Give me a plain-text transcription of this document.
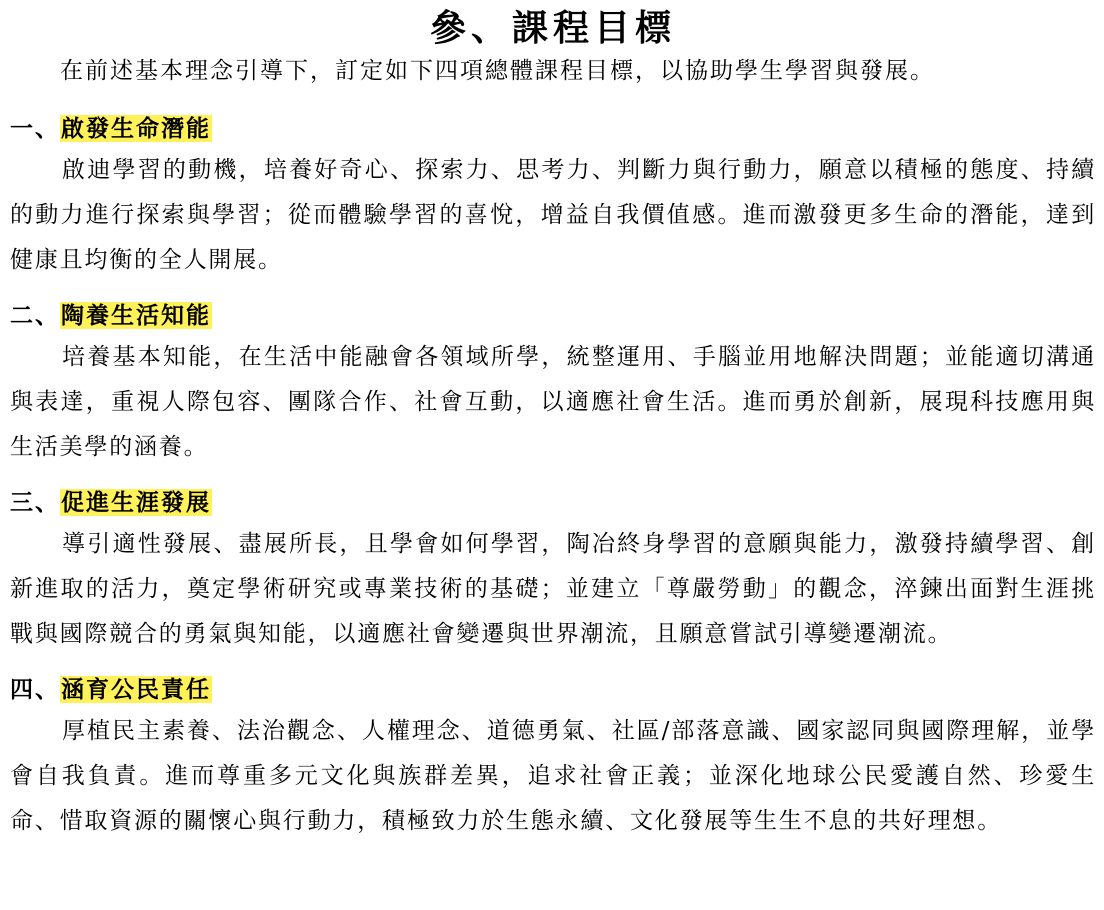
參、課程目標

在前述基本理念引導下，訂定如下四項總體課程目標，以協助學生學習與發展。

一、啟發生命潛能

啟迪學習的動機，培養好奇心、探索力、思考力、判斷力與行動力，願意以積極的態度、持續的動力進行探索與學習；從而體驗學習的喜悅，增益自我價值感。進而激發更多生命的潛能，達到健康且均衡的全人開展。

二、陶養生活知能

培養基本知能，在生活中能融會各領域所學，統整運用、手腦並用地解決問題；並能適切溝通與表達，重視人際包容、團隊合作、社會互動，以適應社會生活。進而勇於創新，展現科技應用與生活美學的涵養。

三、促進生涯發展

導引適性發展、盡展所長，且學會如何學習，陶冶終身學習的意願與能力，激發持續學習、創新進取的活力，奠定學術研究或專業技術的基礎；並建立「尊嚴勞動」的觀念，淬鍊出面對生涯挑戰與國際競合的勇氣與知能，以適應社會變遷與世界潮流，且願意嘗試引導變遷潮流。

四、涵育公民責任

厚植民主素養、法治觀念、人權理念、道德勇氣、社區/部落意識、國家認同與國際理解，並學會自我負責。進而尊重多元文化與族群差異，追求社會正義；並深化地球公民愛護自然、珍愛生命、惜取資源的關懷心與行動力，積極致力於生態永續、文化發展等生生不息的共好理想。
